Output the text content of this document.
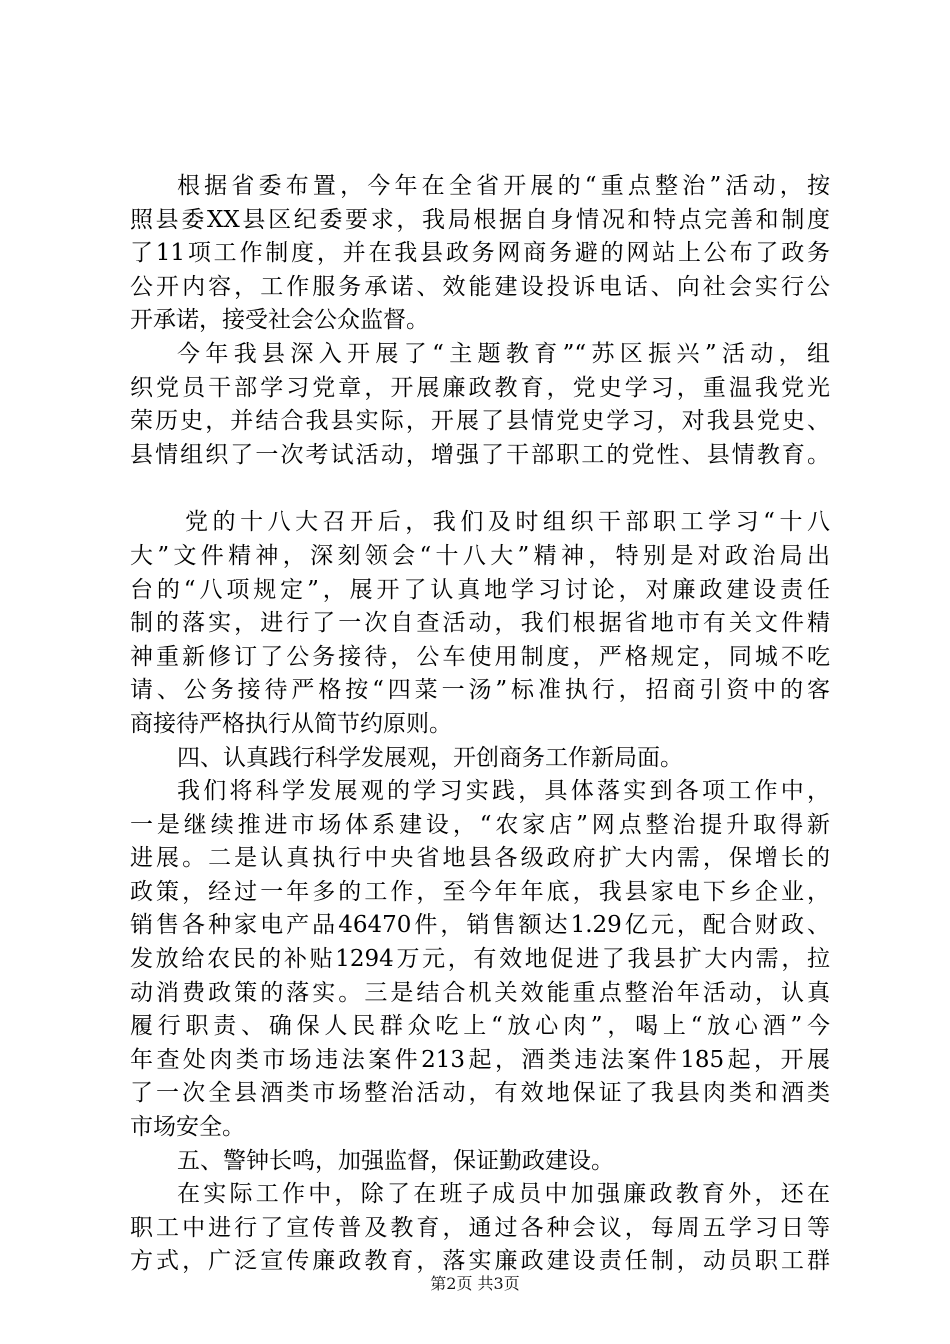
根据省委布置，今年在全省开展的“重点整治”活动，按
照县委XX县区纪委要求，我局根据自身情况和特点完善和制度
了11项工作制度，并在我县政务网商务避的网站上公布了政务
公开内容，工作服务承诺、效能建设投诉电话、向社会实行公
开承诺，接受社会公众监督。
今年我县深入开展了“主题教育”“苏区振兴”活动，组
织党员干部学习党章，开展廉政教育，党史学习，重温我党光
荣历史，并结合我县实际，开展了县情党史学习，对我县党史、
县情组织了一次考试活动，增强了干部职工的党性、县情教育。
党的十八大召开后，我们及时组织干部职工学习“十八
大”文件精神，深刻领会“十八大”精神，特别是对政治局出
台的“八项规定”，展开了认真地学习讨论，对廉政建设责任
制的落实，进行了一次自查活动，我们根据省地市有关文件精
神重新修订了公务接待，公车使用制度，严格规定，同城不吃
请、公务接待严格按“四菜一汤”标准执行，招商引资中的客
商接待严格执行从简节约原则。
四、认真践行科学发展观，开创商务工作新局面。
我们将科学发展观的学习实践，具体落实到各项工作中，
一是继续推进市场体系建设，“农家店”网点整治提升取得新
进展。二是认真执行中央省地县各级政府扩大内需，保增长的
政策，经过一年多的工作，至今年年底，我县家电下乡企业，
销售各种家电产品46470件，销售额达1.29亿元，配合财政、
发放给农民的补贴1294万元，有效地促进了我县扩大内需，拉
动消费政策的落实。三是结合机关效能重点整治年活动，认真
履行职责、确保人民群众吃上“放心肉”，喝上“放心酒”今
年查处肉类市场违法案件213起，酒类违法案件185起，开展
了一次全县酒类市场整治活动，有效地保证了我县肉类和酒类
市场安全。
五、警钟长鸣，加强监督，保证勤政建设。
在实际工作中，除了在班子成员中加强廉政教育外，还在
职工中进行了宣传普及教育，通过各种会议，每周五学习日等
方式，广泛宣传廉政教育，落实廉政建设责任制，动员职工群
第2页 共3页
